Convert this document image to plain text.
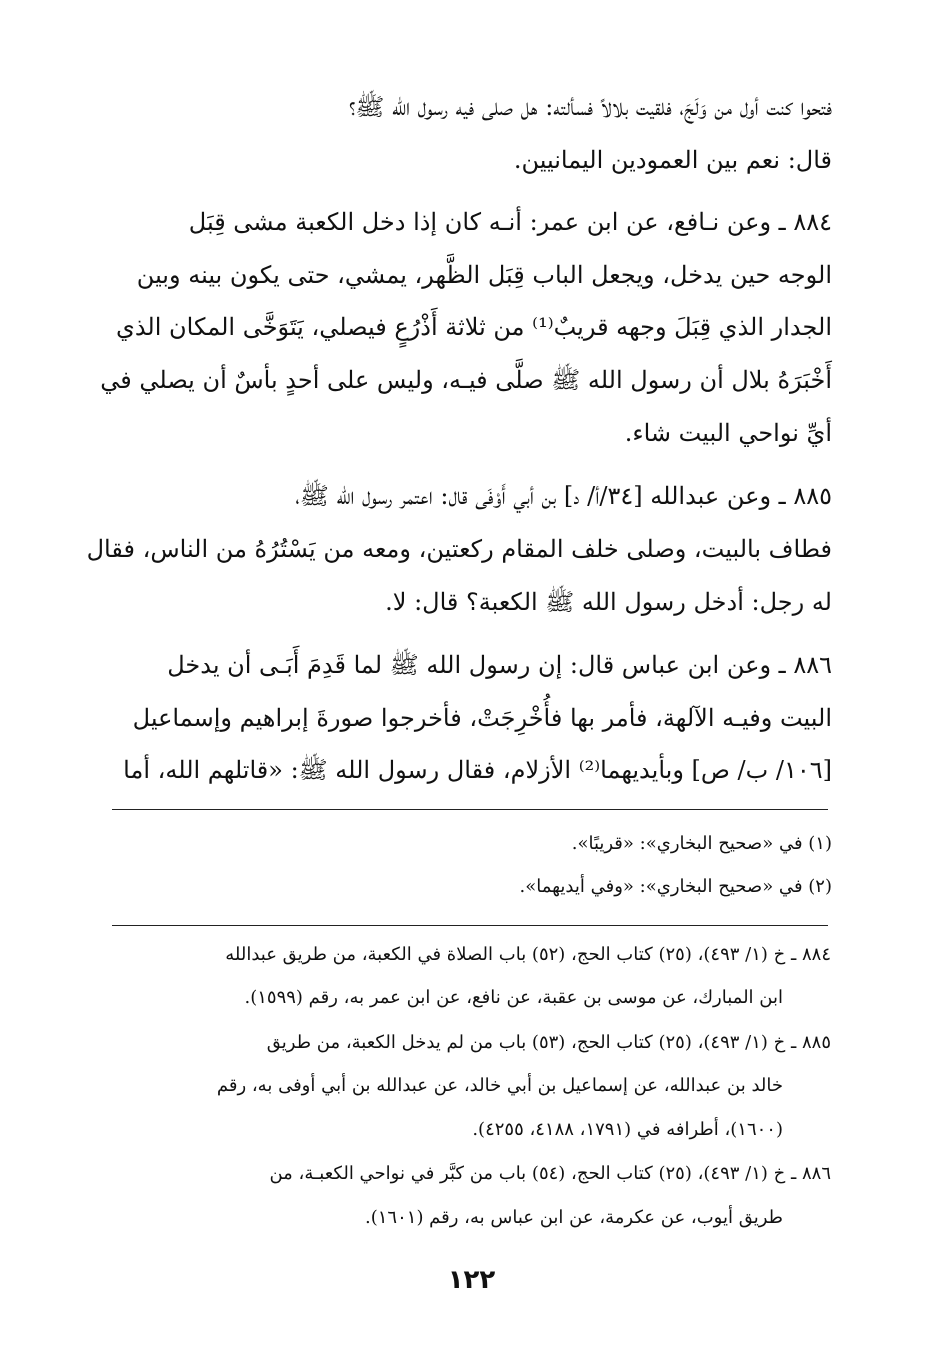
فتحوا كنت أول من وَلَجَ، فلقيت بلالاً فسألته: هل صلى فيه رسول الله ﷺ؟
قال: نعم بين العمودين اليمانيين.
٨٨٤ ـ وعن نـافع، عن ابن عمر: أنـه كان إذا دخل الكعبة مشى قِبَل
الوجه حين يدخل، ويجعل الباب قِبَل الظَّهر، يمشي، حتى يكون بينه وبين
الجدار الذي قِبَلَ وجهه قريبٌ⁽¹⁾ من ثلاثة أَذْرُعٍ فيصلي، يَتَوَخَّى المكان الذي
أَخْبَرَهُ بلال أن رسول الله ﷺ صلَّى فيـه، وليس على أحدٍ بأسٌ أن يصلي في
أيِّ نواحي البيت شاء.
٨٨٥ ـ وعن عبدالله [٣٤/أ/ د] بن أبي أَوْفَى قال: اعتمر رسول الله ﷺ،
فطاف بالبيت، وصلى خلف المقام ركعتين، ومعه من يَسْتُرُهُ من الناس، فقال
له رجل: أدخل رسول الله ﷺ الكعبة؟ قال: لا.
٨٨٦ ـ وعن ابن عباس قال: إن رسول الله ﷺ لما قَدِمَ أَبَـى أن يدخل
البيت وفيـه الآلهة، فأمر بها فأُخْرِجَتْ، فأخرجوا صورةَ إبراهيم وإسماعيل
[١٠٦/ ب/ ص] وبأيديهما⁽²⁾ الأزلام، فقال رسول الله ﷺ: «قاتلهم الله، أما
(١) في «صحيح البخاري»: «قريبًا».
(٢) في «صحيح البخاري»: «وفي أيديهما».
٨٨٤ ـ خ (١/ ٤٩٣)، (٢٥) كتاب الحج، (٥٢) باب الصلاة في الكعبة، من طريق عبدالله
ابن المبارك، عن موسى بن عقبة، عن نافع، عن ابن عمر به، رقم (١٥٩٩).
٨٨٥ ـ خ (١/ ٤٩٣)، (٢٥) كتاب الحج، (٥٣) باب من لم يدخل الكعبة، من طريق
خالد بن عبدالله، عن إسماعيل بن أبي خالد، عن عبدالله بن أبي أوفى به، رقم
(١٦٠٠)، أطرافه في (١٧٩١، ٤١٨٨، ٤٢٥٥).
٨٨٦ ـ خ (١/ ٤٩٣)، (٢٥) كتاب الحج، (٥٤) باب من كبَّر في نواحي الكعبـة، من
طريق أيوب، عن عكرمة، عن ابن عباس به، رقم (١٦٠١).
١٢٢
